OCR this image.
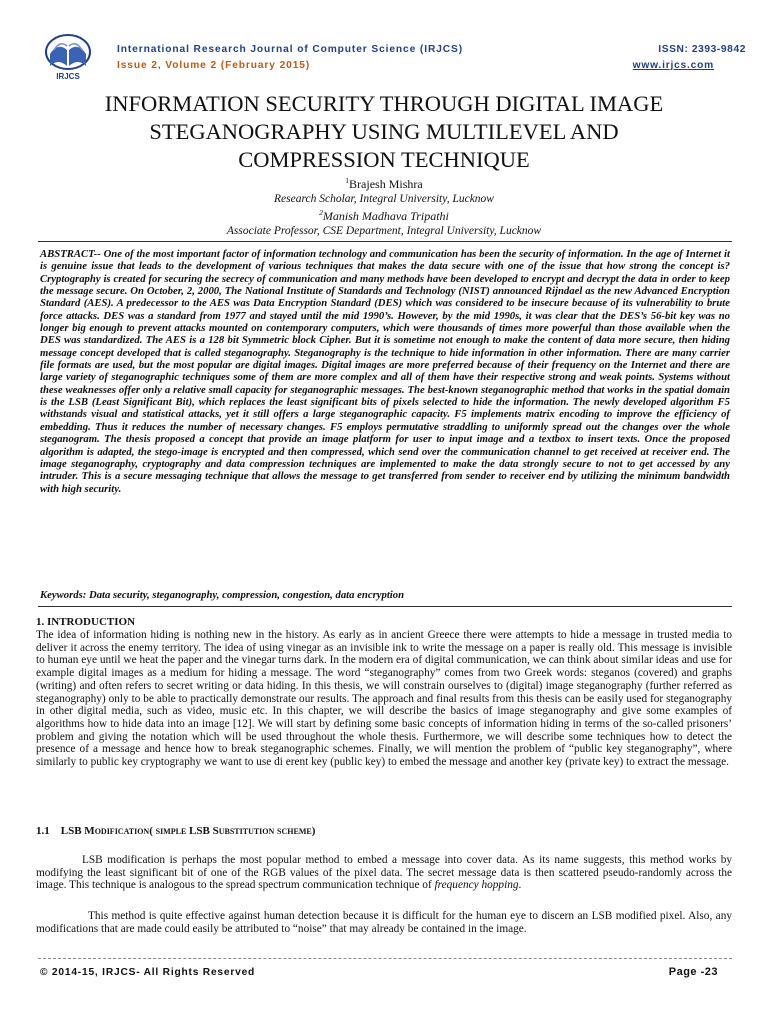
IRJCS
International Research Journal of Computer Science (IRJCS)
Issue 2, Volume 2 (February 2015)
ISSN: 2393-9842
www.irjcs.com
INFORMATION SECURITY THROUGH DIGITAL IMAGE
STEGANOGRAPHY USING MULTILEVEL AND
COMPRESSION TECHNIQUE
$^1$Brajesh Mishra
Research Scholar, Integral University, Lucknow
$^2$Manish Madhava Tripathi
Associate Professor, CSE Department, Integral University, Lucknow
ABSTRACT-- One of the most important factor of information technology and communication has been the security of information. In the age of Internet it is genuine issue that leads to the development of various techniques that makes the data secure with one of the issue that how strong the concept is? Cryptography is created for securing the secrecy of communication and many methods have been developed to encrypt and decrypt the data in order to keep the message secure. On October, 2, 2000, The National Institute of Standards and Technology (NIST) announced Rijndael as the new Advanced Encryption Standard (AES). A predecessor to the AES was Data Encryption Standard (DES) which was considered to be insecure because of its vulnerability to brute force attacks. DES was a standard from 1977 and stayed until the mid 1990’s. However, by the mid 1990s, it was clear that the DES’s 56-bit key was no longer big enough to prevent attacks mounted on contemporary computers, which were thousands of times more powerful than those available when the DES was standardized. The AES is a 128 bit Symmetric block Cipher. But it is sometime not enough to make the content of data more secure, then hiding message concept developed that is called steganography. Steganography is the technique to hide information in other information. There are many carrier file formats are used, but the most popular are digital images. Digital images are more preferred because of their frequency on the Internet and there are large variety of steganographic techniques some of them are more complex and all of them have their respective strong and weak points. Systems without these weaknesses offer only a relative small capacity for steganographic messages. The best-known steganographic method that works in the spatial domain is the LSB (Least Significant Bit), which replaces the least significant bits of pixels selected to hide the information. The newly developed algorithm F5 withstands visual and statistical attacks, yet it still offers a large steganographic capacity. F5 implements matrix encoding to improve the efficiency of embedding. Thus it reduces the number of necessary changes. F5 employs permutative straddling to uniformly spread out the changes over the whole steganogram. The thesis proposed a concept that provide an image platform for user to input image and a textbox to insert texts. Once the proposed algorithm is adapted, the stego-image is encrypted and then compressed, which send over the communication channel to get received at receiver end. The image steganography, cryptography and data compression techniques are implemented to make the data strongly secure to not to get accessed by any intruder. This is a secure messaging technique that allows the message to get transferred from sender to receiver end by utilizing the minimum bandwidth with high security.
Keywords: Data security, steganography, compression, congestion, data encryption
1. INTRODUCTION
The idea of information hiding is nothing new in the history. As early as in ancient Greece there were attempts to hide a message in trusted media to deliver it across the enemy territory. The idea of using vinegar as an invisible ink to write the message on a paper is really old. This message is invisible to human eye until we heat the paper and the vinegar turns dark. In the modern era of digital communication, we can think about similar ideas and use for example digital images as a medium for hiding a message. The word “steganography” comes from two Greek words: steganos (covered) and graphs (writing) and often refers to secret writing or data hiding. In this thesis, we will constrain ourselves to (digital) image steganography (further referred as steganography) only to be able to practically demonstrate our results. The approach and final results from this thesis can be easily used for steganography in other digital media, such as video, music etc. In this chapter, we will describe the basics of image steganography and give some examples of algorithms how to hide data into an image [12]. We will start by defining some basic concepts of information hiding in terms of the so-called prisoners’ problem and giving the notation which will be used throughout the whole thesis. Furthermore, we will describe some techniques how to detect the presence of a message and hence how to break steganographic schemes. Finally, we will mention the problem of “public key steganography”, where similarly to public key cryptography we want to use di erent key (public key) to embed the message and another key (private key) to extract the message.
1.1 LSB Modification( simple LSB Substitution scheme)
LSB modification is perhaps the most popular method to embed a message into cover data. As its name suggests, this method works by modifying the least significant bit of one of the RGB values of the pixel data. The secret message data is then scattered pseudo-randomly across the image. This technique is analogous to the spread spectrum communication technique of frequency hopping.
This method is quite effective against human detection because it is difficult for the human eye to discern an LSB modified pixel. Also, any modifications that are made could easily be attributed to “noise” that may already be contained in the image.
© 2014-15, IRJCS- All Rights Reserved	Page -23
